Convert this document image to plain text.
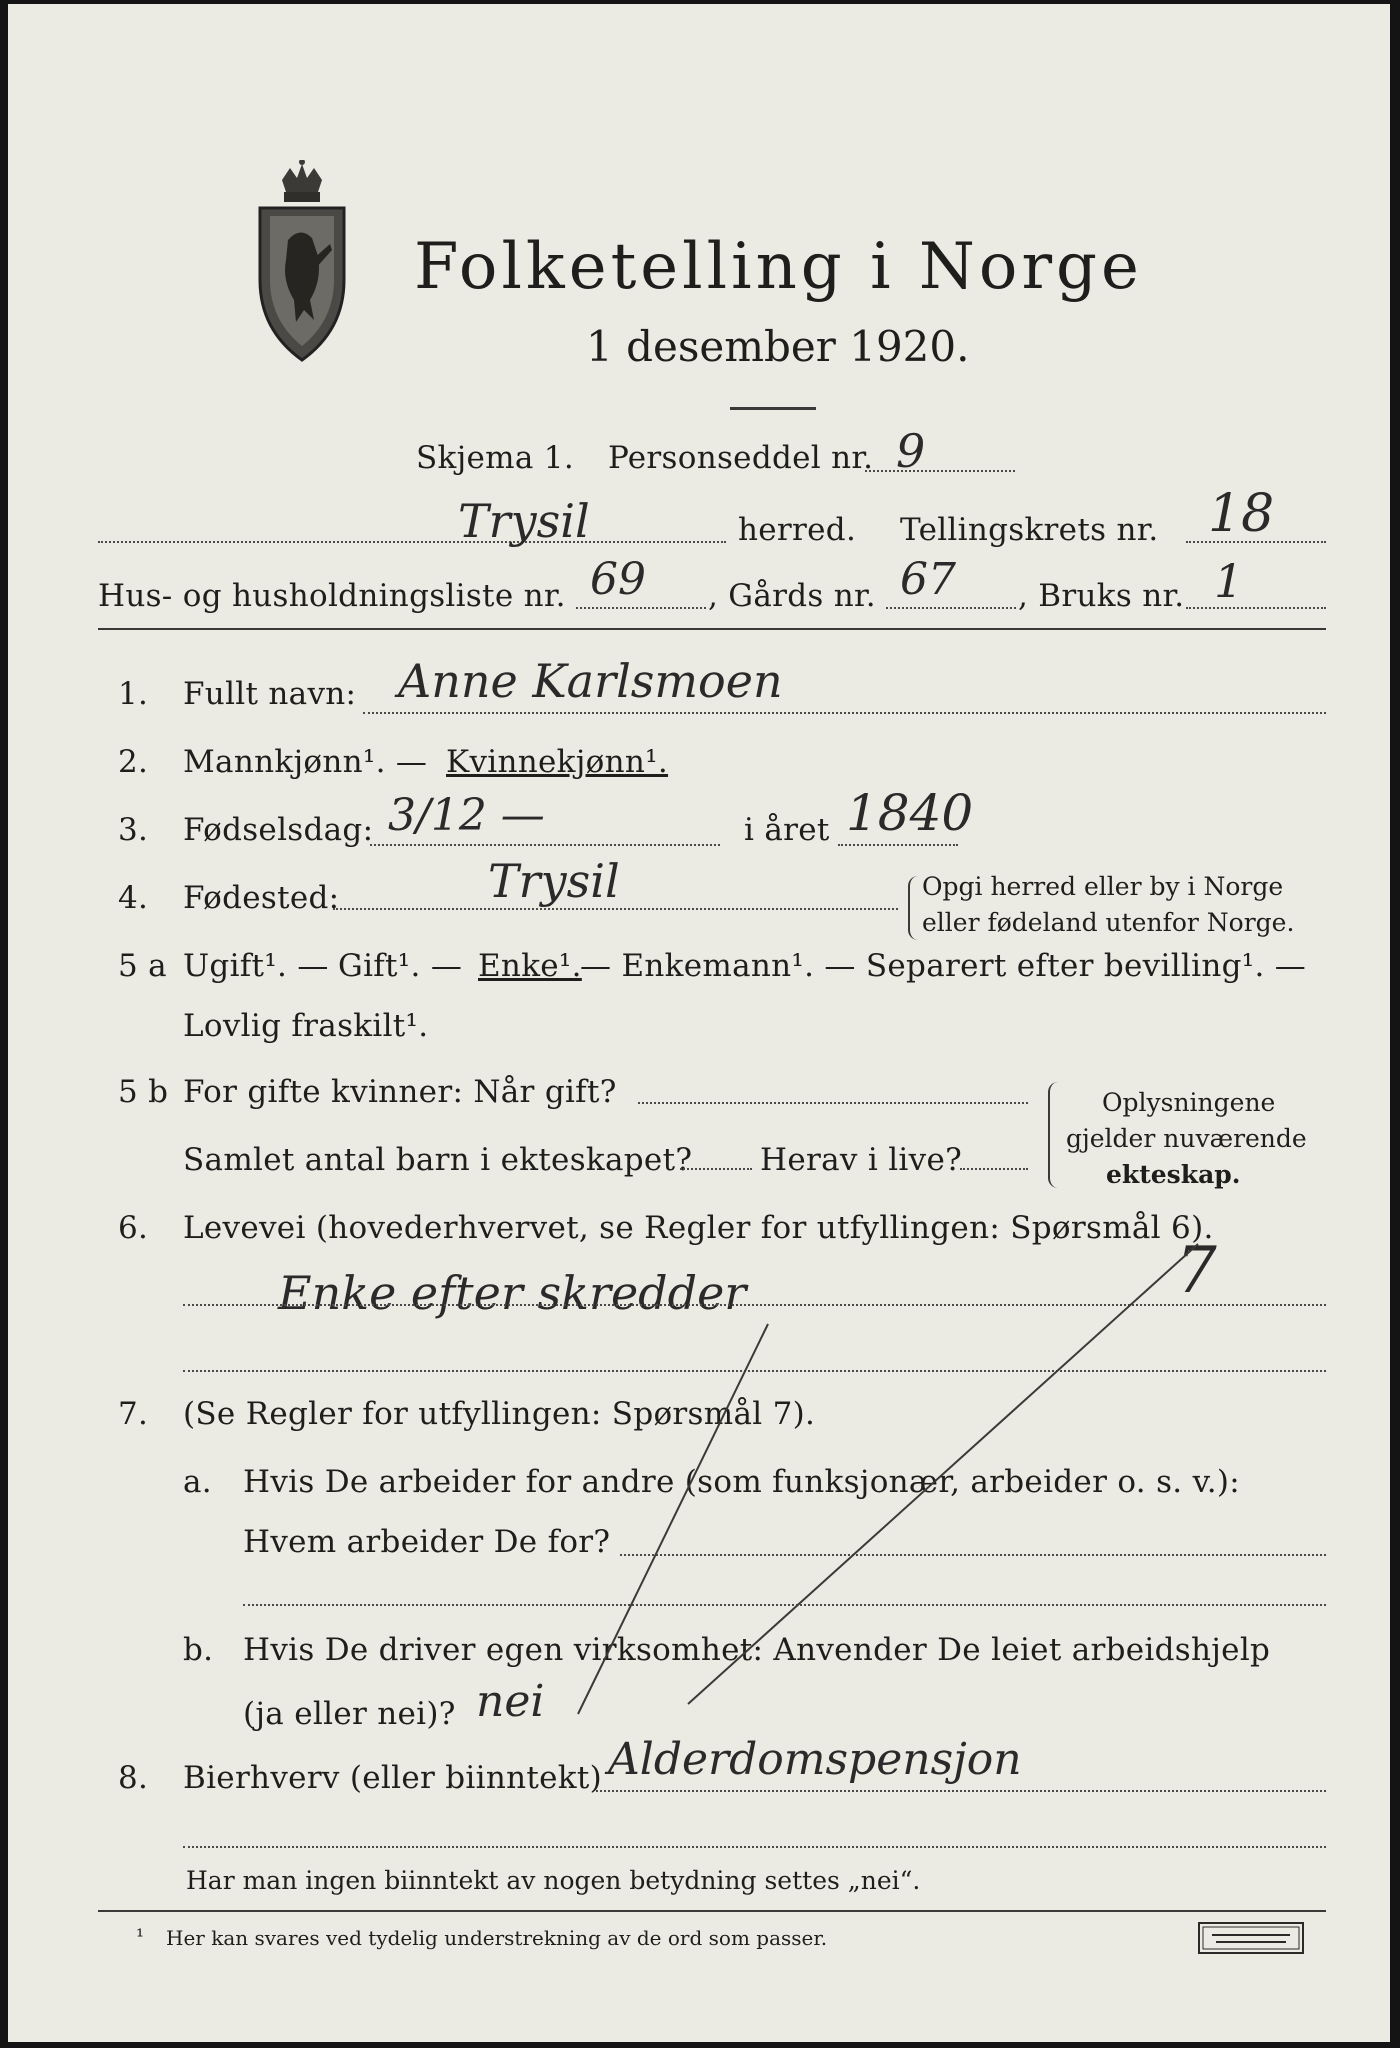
Folketelling i Norge
1 desember 1920.
Skjema 1. Personseddel nr. 9
Trysil	herred. Tellingskrets nr. 18
Hus- og husholdningsliste nr. 69 , Gårds nr. 67 , Bruks nr. 1
1. Fullt navn: Anne Karlsmoen
2. Mannkjønn¹. — Kvinnekjønn¹.
3. Fødselsdag: 3/12 —	i året 1840
4. Fødested:	Trysil	Opgi herred eller by i Norge
eller fødeland utenfor Norge.
5 a Ugift¹. — Gift¹. — Enke¹.
— Enkemann¹. — Separert efter bevilling¹. —
Lovlig fraskilt¹.
5 b For gifte kvinner: Når gift?
Samlet antal barn i ekteskapet? Herav i live?
Oplysningene
gjelder nuværende
ekteskap.
6. Levevei (hovederhvervet, se Regler for utfyllingen: Spørsmål 6).
Enke efter skredder	7
7. (Se Regler for utfyllingen: Spørsmål 7).
a. Hvis De arbeider for andre (som funksjonær, arbeider o. s. v.):
Hvem arbeider De for?
b. Hvis De driver egen virksomhet: Anvender De leiet arbeidshjelp
(ja eller nei)? nei
8. Bierhverv (eller biinntekt) Alderdomspensjon
Har man ingen biinntekt av nogen betydning settes „nei“.
¹ Her kan svares ved tydelig understrekning av de ord som passer.
